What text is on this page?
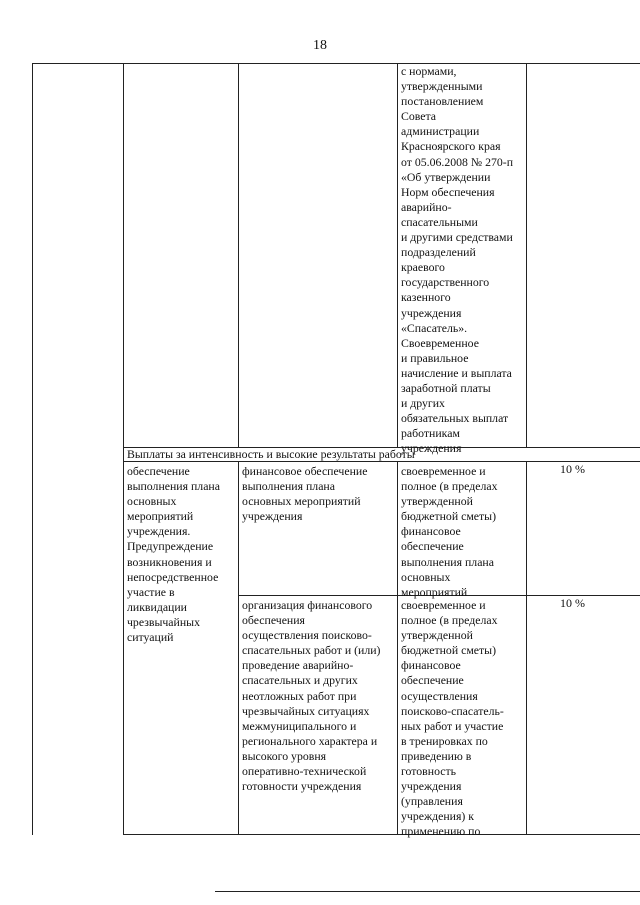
18
с нормами,
утвержденными
постановлением
Совета
администрации
Красноярского края
от 05.06.2008 № 270-п
«Об утверждении
Норм обеспечения
аварийно-
спасательными
и другими средствами
подразделений
краевого
государственного
казенного
учреждения
«Спасатель».
Своевременное
и правильное
начисление и выплата
заработной платы
и других
обязательных выплат
работникам
учреждения
Выплаты за интенсивность и высокие результаты работы
обеспечение
выполнения плана
основных
мероприятий
учреждения.
Предупреждение
возникновения и
непосредственное
участие в
ликвидации
чрезвычайных
ситуаций
финансовое обеспечение
выполнения плана
основных мероприятий
учреждения
своевременное и
полное (в пределах
утвержденной
бюджетной сметы)
финансовое
обеспечение
выполнения плана
основных
мероприятий
10 %
организация финансового
обеспечения
осуществления поисково-
спасательных работ и (или)
проведение аварийно-
спасательных и других
неотложных работ при
чрезвычайных ситуациях
межмуниципального и
регионального характера и
высокого уровня
оперативно-технической
готовности учреждения
своевременное и
полное (в пределах
утвержденной
бюджетной сметы)
финансовое
обеспечение
осуществления
поисково-спасатель-
ных работ и участие
в тренировках по
приведению в
готовность
учреждения
(управления
учреждения) к
применению по
10 %
